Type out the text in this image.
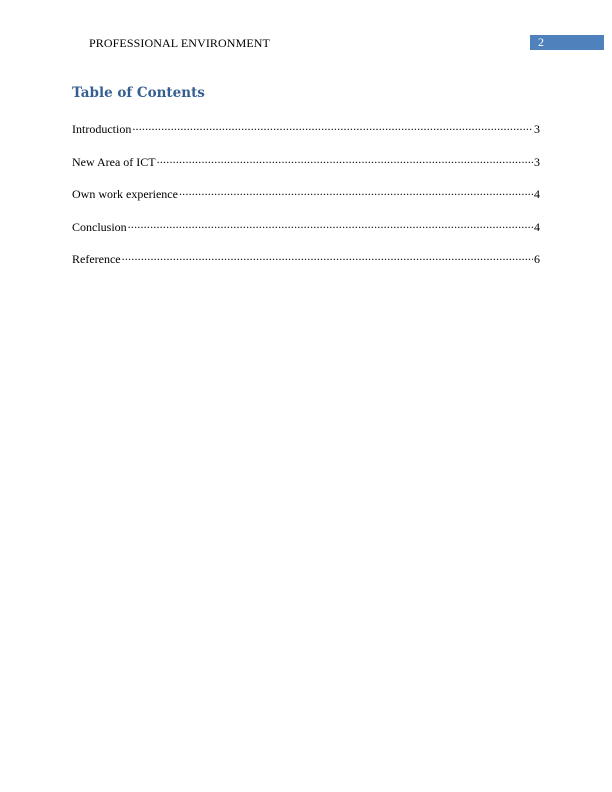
PROFESSIONAL ENVIRONMENT	2
Table of Contents
Introduction .....	3
New Area of ICT .....	3
Own work experience .....	4
Conclusion .....	4
Reference .....	6
